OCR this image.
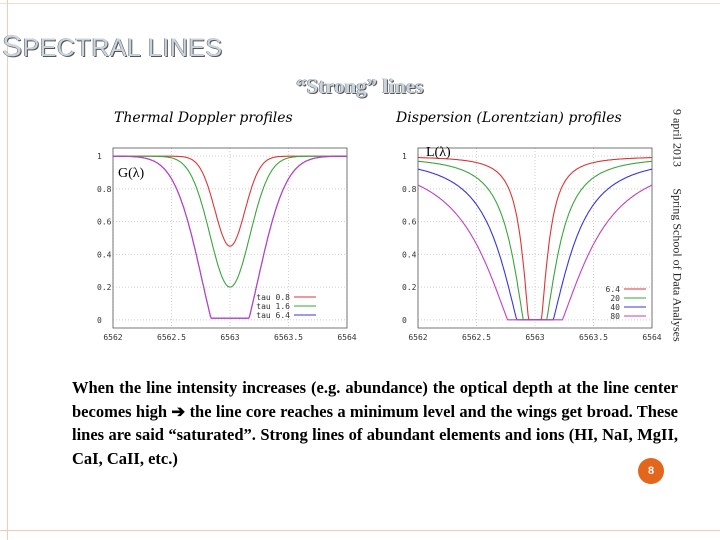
SPECTRAL LINES
“Strong” lines
Thermal Doppler profiles	Dispersion (Lorentzian) profiles
1
0.8
0.6
0.4
0.2
0
6562	6562.5	6563	6563.5	6564
tau 0.8
tau 1.6
tau 6.4
1
0.8
0.6
0.4
0.2
0
6562	6562.5	6563	6563.5	6564
6.4
20
40
80
G(λ)
L(λ)	9 april 2013
Spring School of Data Analyses
When the line intensity increases (e.g. abundance) the optical depth at the line center becomes high ➔ the line core reaches a minimum level and the wings get broad. These lines are said “saturated”. Strong lines of abundant elements and ions (HI, NaI, MgII, CaI, CaII, etc.)
8
